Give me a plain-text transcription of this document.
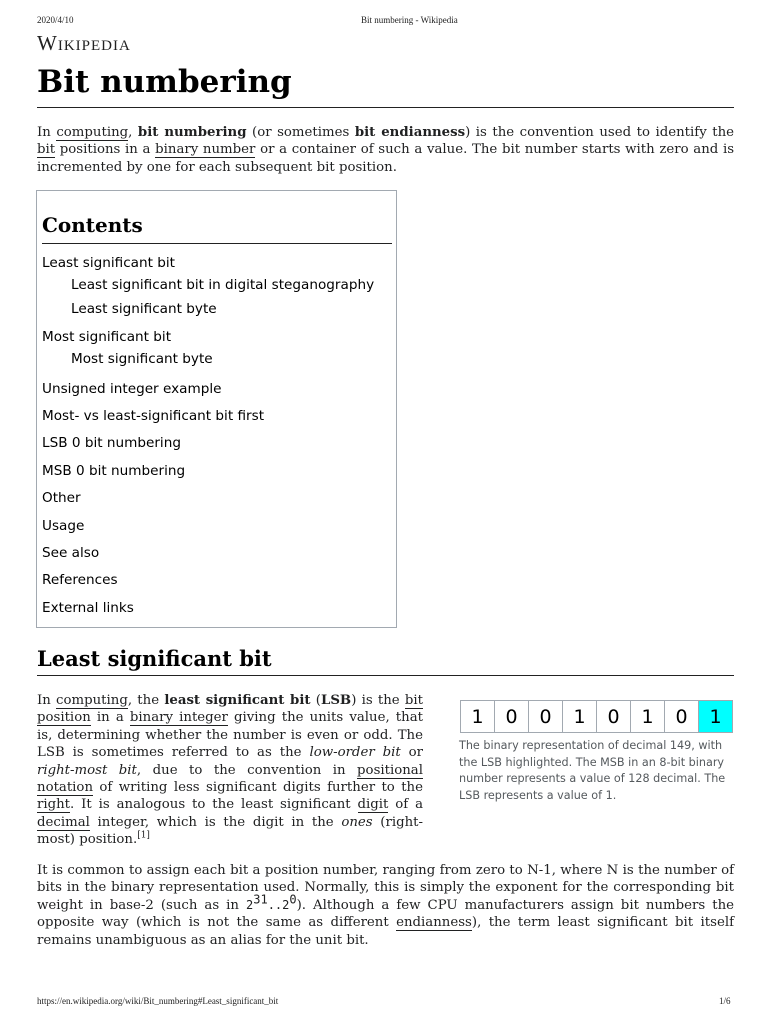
2020/4/10	Bit numbering - Wikipedia
Wikipedia
Bit numbering
In computing, bit numbering (or sometimes bit endianness) is the convention used to identify the bit positions in a binary number or a container of such a value. The bit number starts with zero and is incremented by one for each subsequent bit position.
Contents
Least significant bit
Least significant bit in digital steganography
Least significant byte
Most significant bit
Most significant byte
Unsigned integer example
Most- vs least-significant bit first
LSB 0 bit numbering
MSB 0 bit numbering
Other
Usage
See also
References
External links
Least significant bit
In computing, the least significant bit (LSB) is the bit position in a binary integer giving the units value, that is, determining whether the number is even or odd. The LSB is sometimes referred to as the low-order bit or right-most bit, due to the convention in positional notation of writing less significant digits further to the right. It is analogous to the least significant digit of a decimal integer, which is the digit in the ones (right-most) position.[1]
1	0	0	1	0	1	0	1
The binary representation of decimal 149, with the LSB highlighted. The MSB in an 8-bit binary number represents a value of 128 decimal. The LSB represents a value of 1.
It is common to assign each bit a position number, ranging from zero to N-1, where N is the number of bits in the binary representation used. Normally, this is simply the exponent for the corresponding bit weight in base-2 (such as in $2^{31}..2^0$). Although a few CPU manufacturers assign bit numbers the opposite way (which is not the same as different endianness), the term least significant bit itself remains unambiguous as an alias for the unit bit.
https://en.wikipedia.org/wiki/Bit_numbering#Least_significant_bit	1/6
